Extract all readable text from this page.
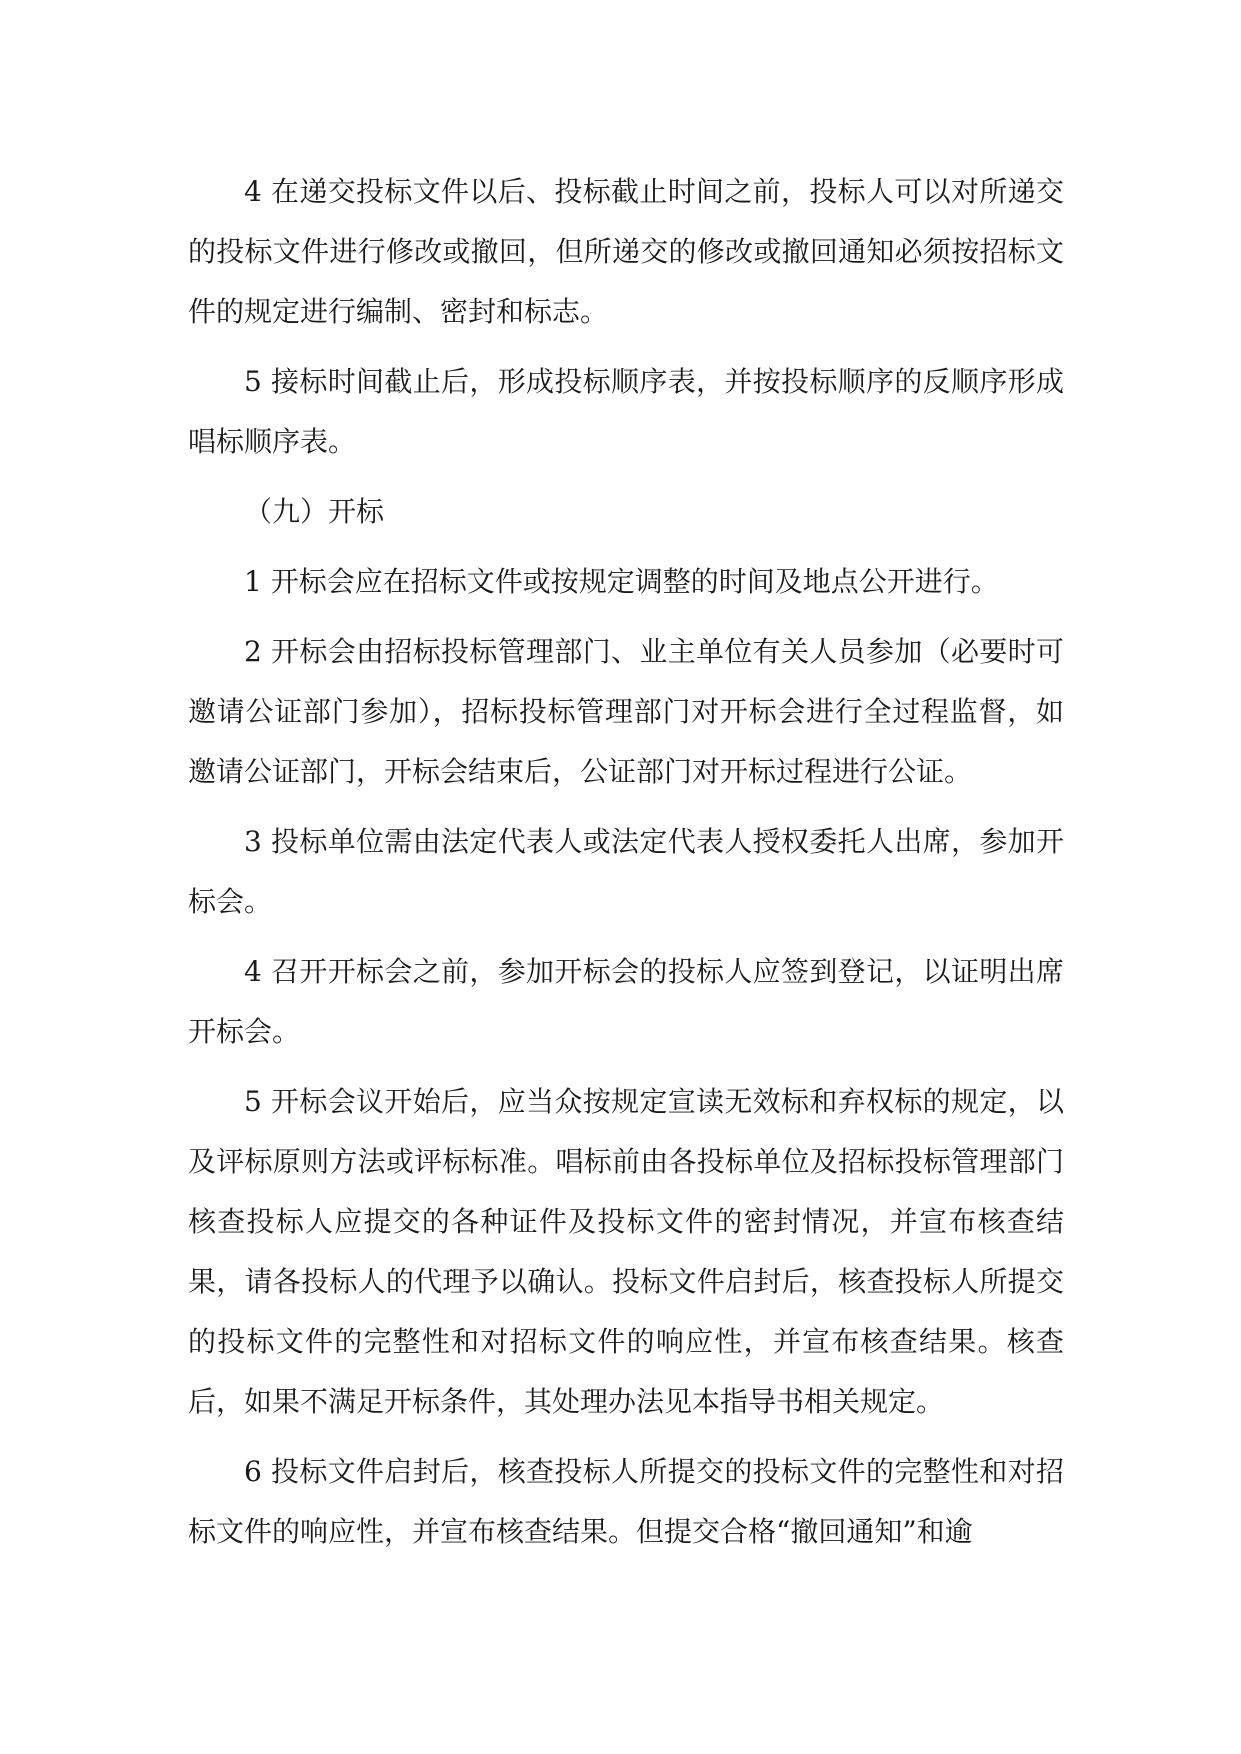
4 在递交投标文件以后、投标截止时间之前，投标人可以对所递交的投标文件进行修改或撤回，但所递交的修改或撤回通知必须按招标文件的规定进行编制、密封和标志。

5 接标时间截止后，形成投标顺序表，并按投标顺序的反顺序形成唱标顺序表。

（九）开标

1 开标会应在招标文件或按规定调整的时间及地点公开进行。

2 开标会由招标投标管理部门、业主单位有关人员参加（必要时可邀请公证部门参加），招标投标管理部门对开标会进行全过程监督，如邀请公证部门，开标会结束后，公证部门对开标过程进行公证。

3 投标单位需由法定代表人或法定代表人授权委托人出席，参加开标会。

4 召开开标会之前，参加开标会的投标人应签到登记，以证明出席开标会。

5 开标会议开始后，应当众按规定宣读无效标和弃权标的规定，以及评标原则方法或评标标准。唱标前由各投标单位及招标投标管理部门核查投标人应提交的各种证件及投标文件的密封情况，并宣布核查结果，请各投标人的代理予以确认。投标文件启封后，核查投标人所提交的投标文件的完整性和对招标文件的响应性，并宣布核查结果。核查后，如果不满足开标条件，其处理办法见本指导书相关规定。

6 投标文件启封后，核查投标人所提交的投标文件的完整性和对招标文件的响应性，并宣布核查结果。但提交合格“撤回通知”和逾
